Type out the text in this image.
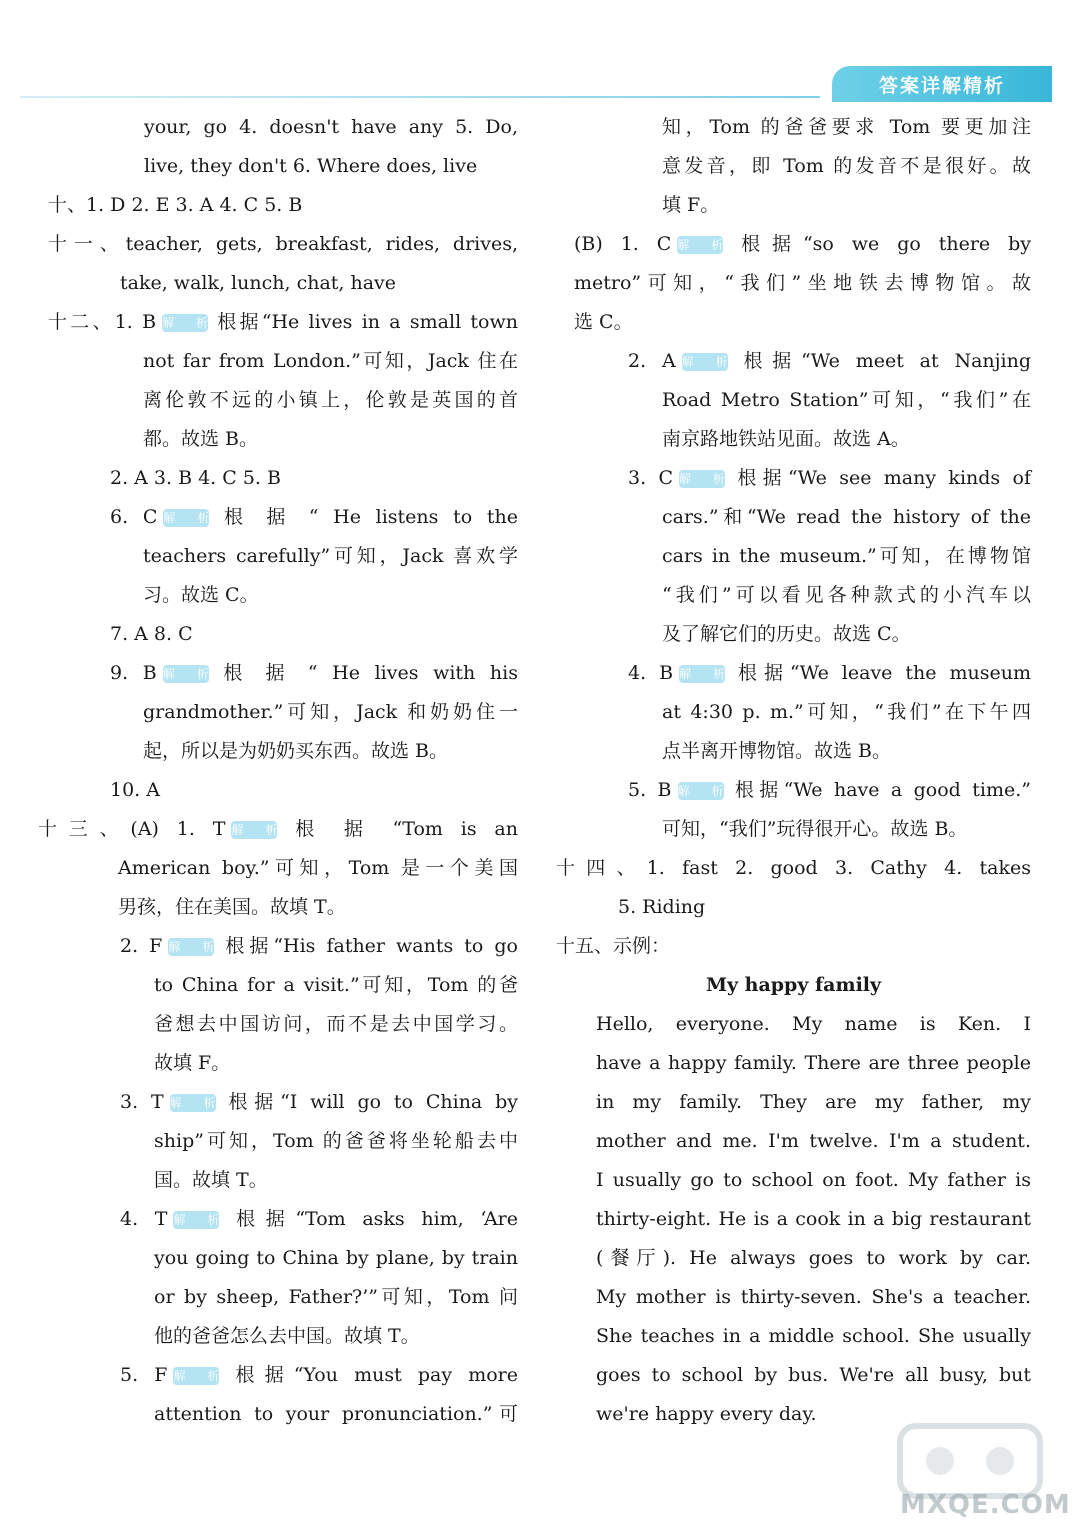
答案详解精析
your, go 4. doesn't have any 5. Do,
live, they don't 6. Where does, live
十、1. D 2. E 3. A 4. C 5. B
十一、teacher, gets, breakfast, rides, drives,
take, walk, lunch, chat, have
十二、1. B 解析 根据“He lives in a small town
not far from London.”可知，Jack 住在
离伦敦不远的小镇上，伦敦是英国的首
都。故选 B。
2. A 3. B 4. C 5. B
6. C 解析 根 据 “ He listens to the
teachers carefully”可知，Jack 喜欢学
习。故选 C。
7. A 8. C
9. B 解析 根 据 “ He lives with his
grandmother.”可知，Jack 和奶奶住一
起，所以是为奶奶买东西。故选 B。
10. A
十三、(A) 1. T 解析 根 据 “Tom is an
American boy.”可知，Tom 是一个美国
男孩，住在美国。故填 T。
2. F 解析 根据“His father wants to go
to China for a visit.”可知，Tom 的爸
爸想去中国访问，而不是去中国学习。
故填 F。
3. T 解析 根据“I will go to China by
ship”可知，Tom 的爸爸将坐轮船去中
国。故填 T。
4. T 解析 根据“Tom asks him, ‘Are
you going to China by plane, by train
or by sheep, Father?’”可知，Tom 问
他的爸爸怎么去中国。故填 T。
5. F 解析 根据“You must pay more
attention to your pronunciation.”可
知，Tom 的爸爸要求 Tom 要更加注
意发音，即 Tom 的发音不是很好。故
填 F。
(B) 1. C 解析 根据“so we go there by
metro”可知，“我们”坐地铁去博物馆。故
选 C。
2. A 解析 根据“We meet at Nanjing
Road Metro Station”可知，“我们”在
南京路地铁站见面。故选 A。
3. C 解析 根据“We see many kinds of
cars.”和“We read the history of the
cars in the museum.”可知，在博物馆
“我们”可以看见各种款式的小汽车以
及了解它们的历史。故选 C。
4. B 解析 根据“We leave the museum
at 4:30 p. m.”可知，“我们”在下午四
点半离开博物馆。故选 B。
5. B 解析 根据“We have a good time.”
可知，“我们”玩得很开心。故选 B。
十四、1. fast 2. good 3. Cathy 4. takes
5. Riding
十五、示例：
My happy family
Hello, everyone. My name is Ken. I
have a happy family. There are three people
in my family. They are my father, my
mother and me. I'm twelve. I'm a student.
I usually go to school on foot. My father is
thirty-eight. He is a cook in a big restaurant
(餐厅). He always goes to work by car.
My mother is thirty-seven. She's a teacher.
She teaches in a middle school. She usually
goes to school by bus. We're all busy, but
we're happy every day.
MXQE.COM
